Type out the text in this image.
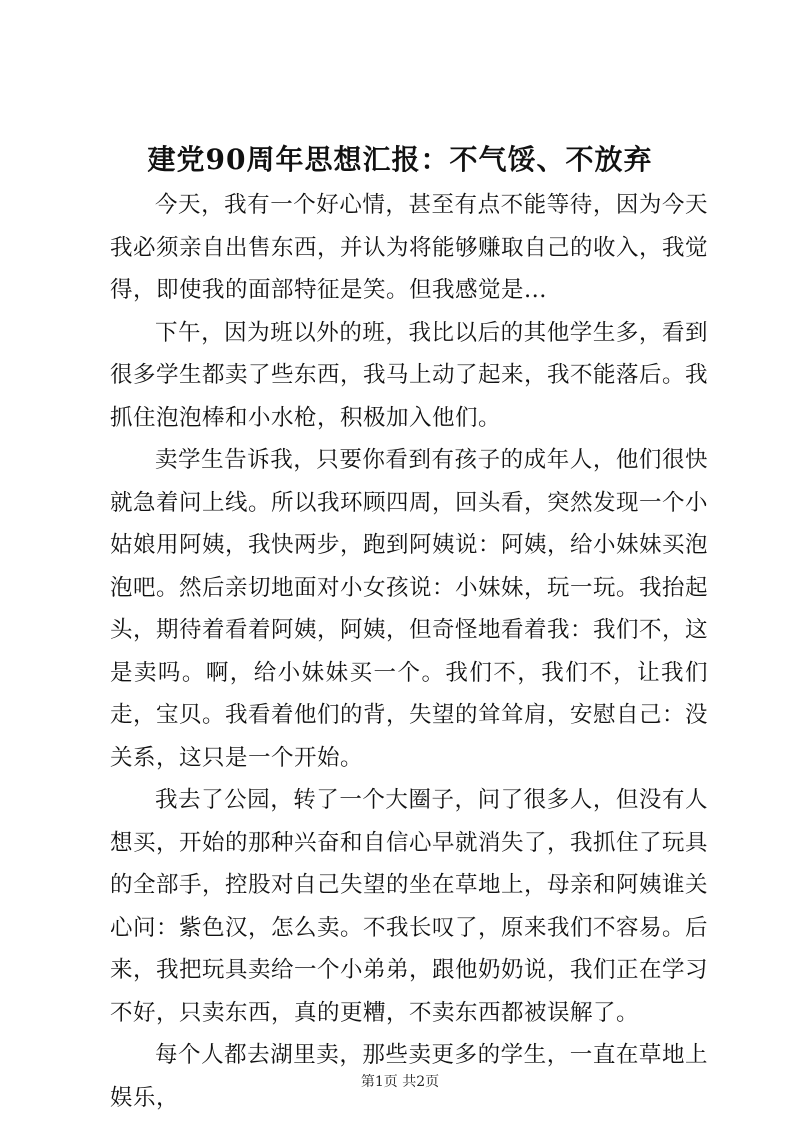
建党90周年思想汇报：不气馁、不放弃

今天，我有一个好心情，甚至有点不能等待，因为今天我必须亲自出售东西，并认为将能够赚取自己的收入，我觉得，即使我的面部特征是笑。但我感觉是...

下午，因为班以外的班，我比以后的其他学生多，看到很多学生都卖了些东西，我马上动了起来，我不能落后。我抓住泡泡棒和小水枪，积极加入他们。

卖学生告诉我，只要你看到有孩子的成年人，他们很快就急着问上线。所以我环顾四周，回头看，突然发现一个小姑娘用阿姨，我快两步，跑到阿姨说：阿姨，给小妹妹买泡泡吧。然后亲切地面对小女孩说：小妹妹，玩一玩。我抬起头，期待着看着阿姨，阿姨，但奇怪地看着我：我们不，这是卖吗。啊，给小妹妹买一个。我们不，我们不，让我们走，宝贝。我看着他们的背，失望的耸耸肩，安慰自己：没关系，这只是一个开始。

我去了公园，转了一个大圈子，问了很多人，但没有人想买，开始的那种兴奋和自信心早就消失了，我抓住了玩具的全部手，控股对自己失望的坐在草地上，母亲和阿姨谁关心问：紫色汉，怎么卖。不我长叹了，原来我们不容易。后来，我把玩具卖给一个小弟弟，跟他奶奶说，我们正在学习不好，只卖东西，真的更糟，不卖东西都被误解了。

每个人都去湖里卖，那些卖更多的学生，一直在草地上娱乐，

第1页 共2页
